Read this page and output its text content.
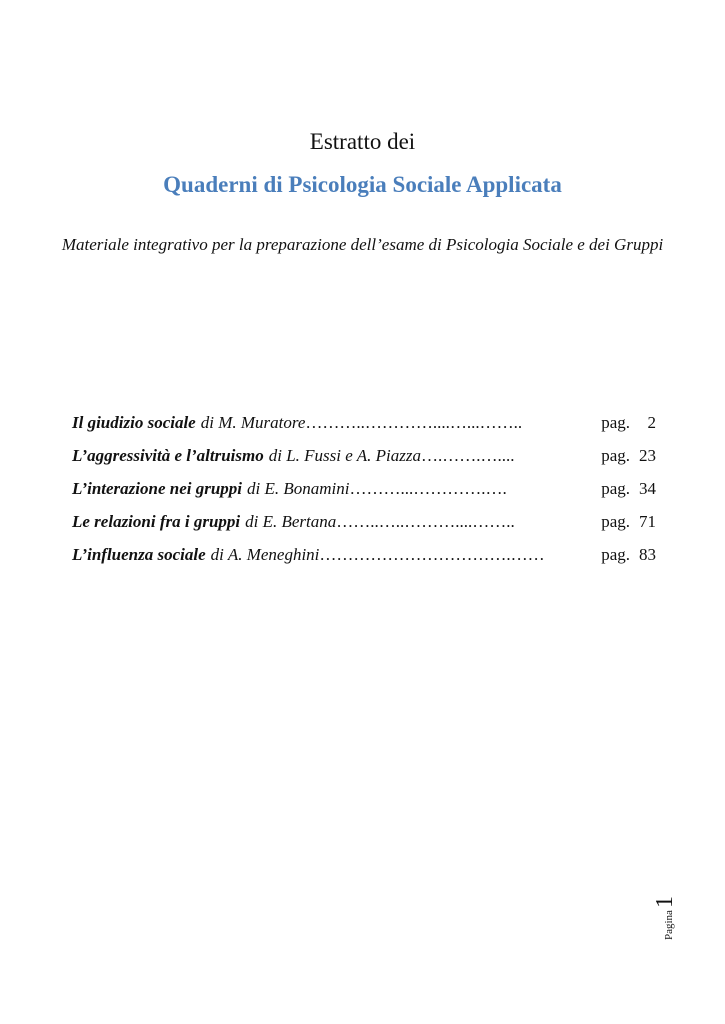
Estratto dei
Quaderni di Psicologia Sociale Applicata
Materiale integrativo per la preparazione dell’esame di Psicologia Sociale e dei Gruppi
Il giudizio sociale di M. Muratore ………..…………....…...……..	pag.	2
L’aggressività e l’altruismo di L. Fussi e A. Piazza ….…….…....	pag. 23
L’interazione nei gruppi di E. Bonamini ………...………….….	pag. 34
Le relazioni fra i gruppi di E. Bertana ……..…..………....……..	pag. 71
L’influenza sociale di A. Meneghini …………………………….……	pag. 83
Pagina
1
